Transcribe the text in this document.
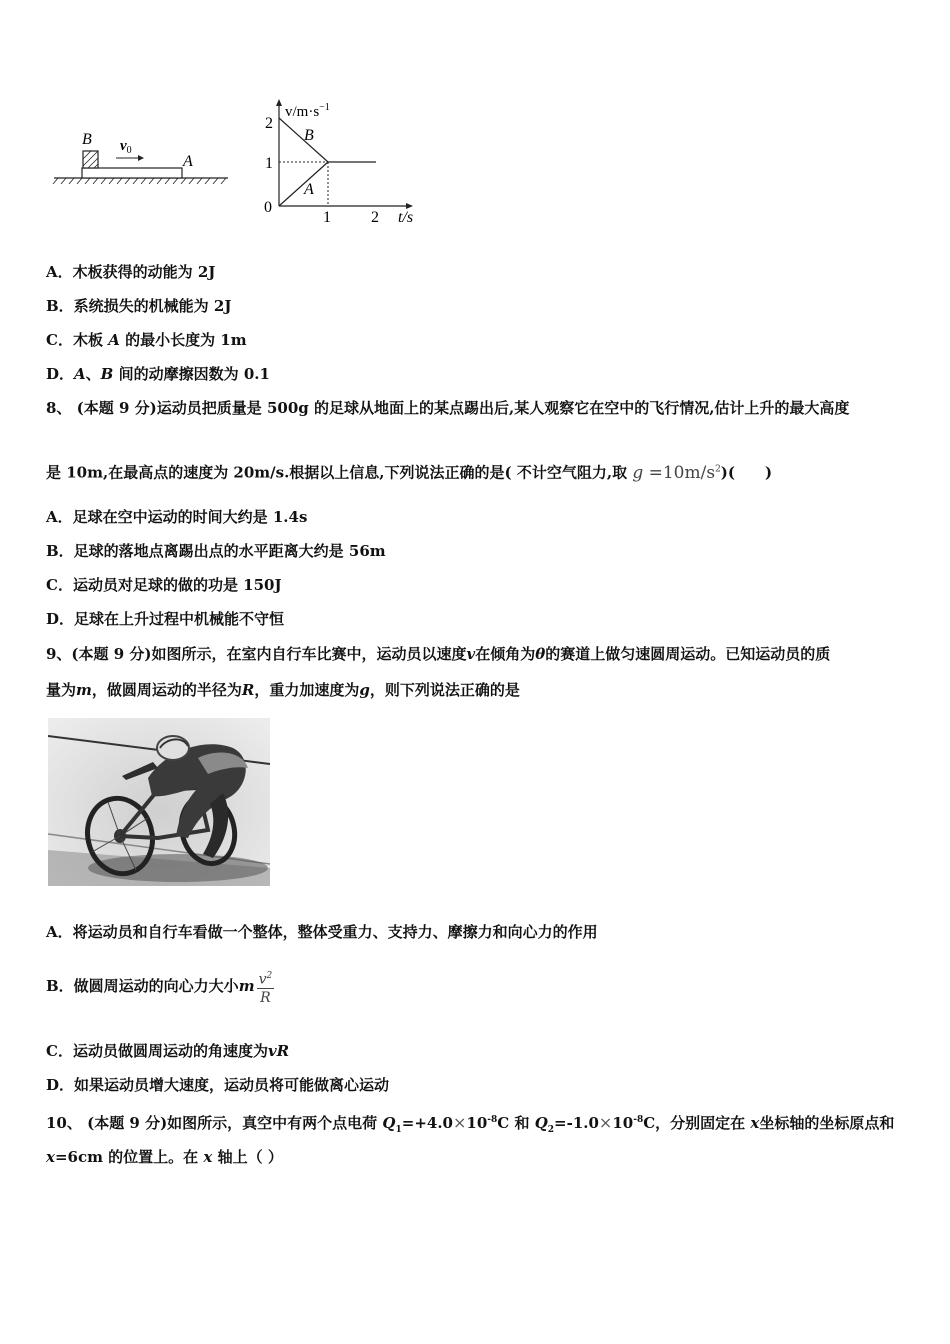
B $v_0$
A
2
1
0
1	2
$v/m\cdot s^{-1}$
t/s
B
A
A．木板获得的动能为 2J
B．系统损失的机械能为 2J
C．木板 A 的最小长度为 1m
D．A、B 间的动摩擦因数为 0.1
8、 (本题 9 分)运动员把质量是 500g 的足球从地面上的某点踢出后,某人观察它在空中的飞行情况,估计上升的最大高度
是 10m,在最高点的速度为 20m/s.根据以上信息,下列说法正确的是( 不计空气阻力,取 $g =10m/s^2$)(　　)
A．足球在空中运动的时间大约是 1.4s
B．足球的落地点离踢出点的水平距离大约是 56m
C．运动员对足球的做的功是 150J
D．足球在上升过程中机械能不守恒
9、(本题 9 分)如图所示，在室内自行车比赛中，运动员以速度v在倾角为θ的赛道上做匀速圆周运动。已知运动员的质
量为m，做圆周运动的半径为R，重力加速度为g，则下列说法正确的是
A．将运动员和自行车看做一个整体，整体受重力、支持力、摩擦力和向心力的作用
B．做圆周运动的向心力大小m $\frac{v^2}{R}$
C．运动员做圆周运动的角速度为vR
D．如果运动员增大速度，运动员将可能做离心运动
10、 (本题 9 分)如图所示，真空中有两个点电荷 $Q_1=+4.0\times 10^{-8}C$ 和 $Q_2=-1.0\times 10^{-8}C$，分别固定在 x坐标轴的坐标原点和
x=6cm 的位置上。在 x 轴上（ ）
